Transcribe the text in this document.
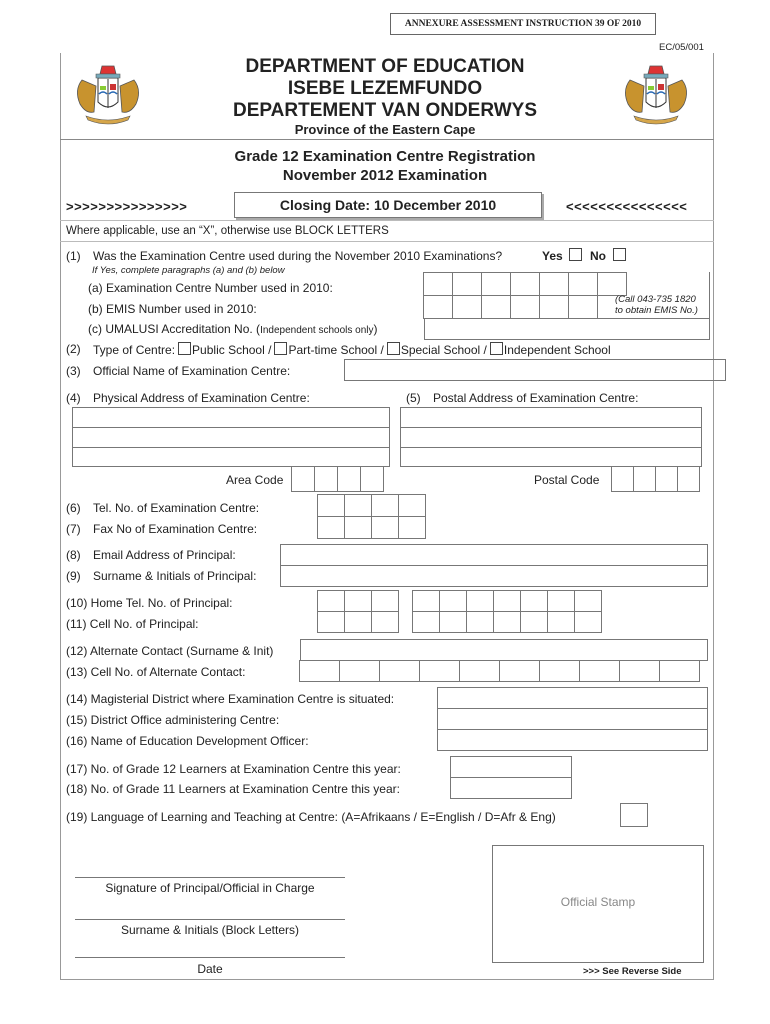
ANNEXURE ASSESSMENT INSTRUCTION 39 OF 2010
EC/05/001
DEPARTMENT OF EDUCATION
ISEBE LEZEMFUNDO
DEPARTEMENT VAN ONDERWYS
Province of the Eastern Cape
Grade 12 Examination Centre Registration
November 2012 Examination
>>>>>>>>>>>>>>>	Closing Date: 10 December 2010	<<<<<<<<<<<<<<<
Where applicable, use an “X”, otherwise use BLOCK LETTERS
(1) Was the Examination Centre used during the November 2010 Examinations?	Yes No
If Yes, complete paragraphs (a) and (b) below
(a) Examination Centre Number used in 2010:
(b) EMIS Number used in 2010:
(c) UMALUSI Accreditation No. (Independent schools only)
(Call 043-735 1820
to obtain EMIS No.)
(2) Type of Centre: Public School / Part-time School / Special School / Independent School
(3) Official Name of Examination Centre:
(4) Physical Address of Examination Centre:	(5) Postal Address of Examination Centre:
Area Code	Postal Code
(6) Tel. No. of Examination Centre:
(7) Fax No of Examination Centre:
(8) Email Address of Principal:
(9) Surname & Initials of Principal:
(10) Home Tel. No. of Principal:
(11) Cell No. of Principal:
(12) Alternate Contact (Surname & Init)
(13) Cell No. of Alternate Contact:
(14) Magisterial District where Examination Centre is situated:
(15) District Office administering Centre:
(16) Name of Education Development Officer:
(17) No. of Grade 12 Learners at Examination Centre this year:
(18) No. of Grade 11 Learners at Examination Centre this year:
(19) Language of Learning and Teaching at Centre: (A=Afrikaans / E=English / D=Afr & Eng)
Signature of Principal/Official in Charge
Surname & Initials (Block Letters)
Date
Official Stamp
>>> See Reverse Side
